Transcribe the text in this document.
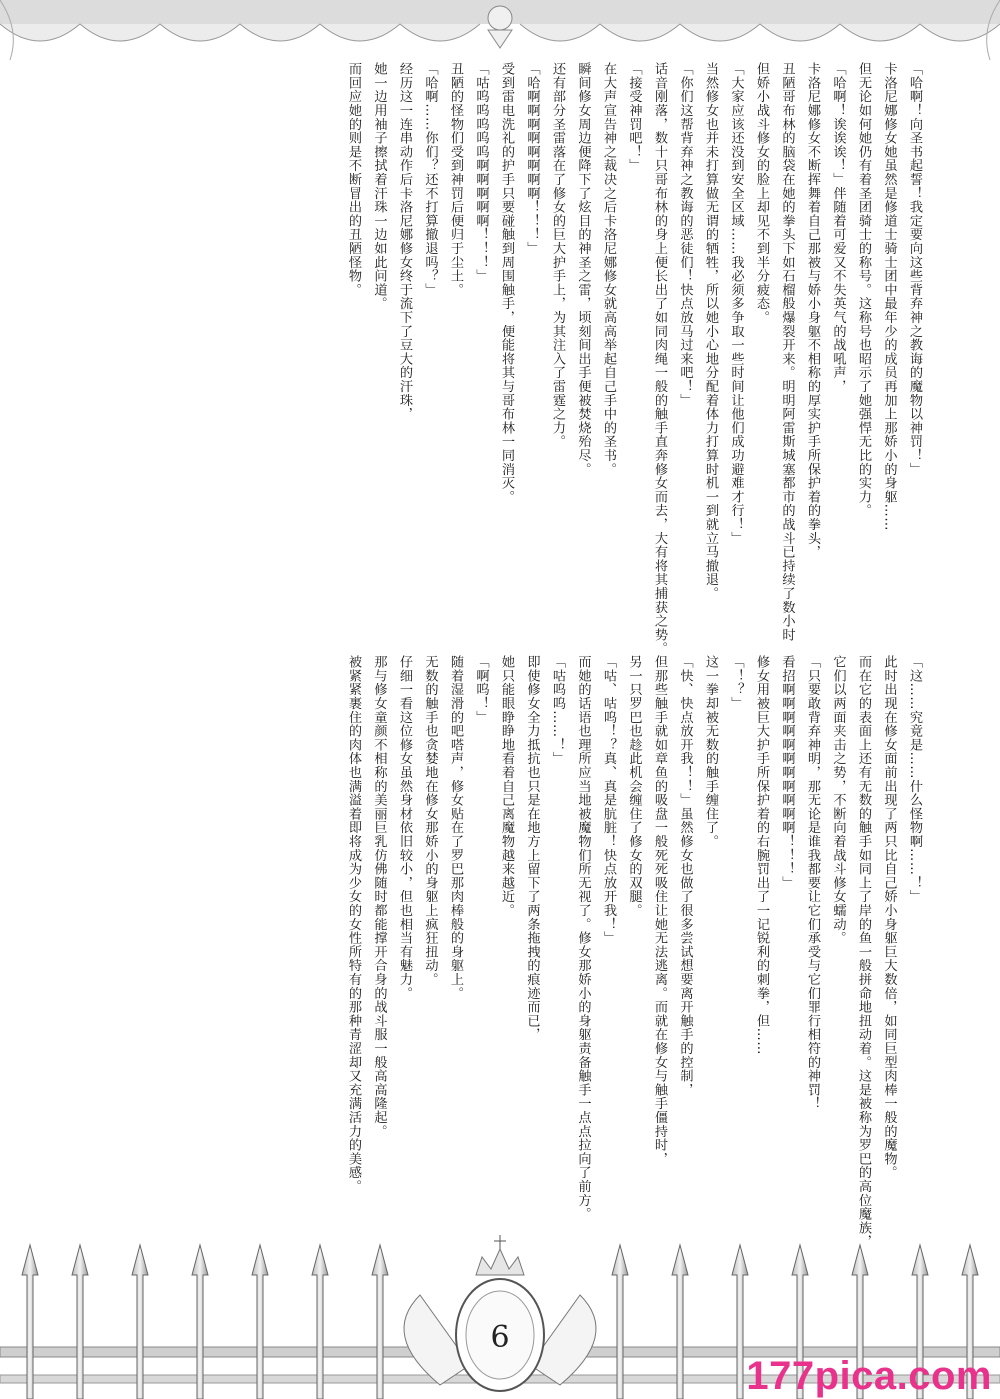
「哈啊！向圣书起誓！我定要向这些背弃神之教诲的魔物以神罚！」
卡洛尼娜修女她虽然是修道士骑士团中最年少的成员再加上那娇小的身躯……
但无论如何她仍有着圣团骑士的称号。这称号也昭示了她强悍无比的实力。
「哈啊！诶诶诶！」伴随着可爱又不失英气的战吼声，
卡洛尼娜修女不断挥舞着自己那被与娇小身躯不相称的厚实护手所保护着的拳头，
丑陋哥布林的脑袋在她的拳头下如石榴般爆裂开来。明明阿雷斯城塞都市的战斗已持续了数小时
但娇小战斗修女的脸上却见不到半分疲态。
「大家应该还没到安全区域……我必须多争取一些时间让他们成功避难才行！」
当然修女也并未打算做无谓的牺牲，所以她小心地分配着体力打算时机一到就立马撤退。
「你们这帮背弃神之教诲的恶徒们！快点放马过来吧！」
话音刚落，数十只哥布林的身上便长出了如同肉绳一般的触手直奔修女而去，大有将其捕获之势。
「接受神罚吧！」
在大声宣告神之裁决之后卡洛尼娜修女就高高举起自己手中的圣书。
瞬间修女周边便降下了炫目的神圣之雷，顷刻间出手便被焚烧殆尽。
还有部分圣雷落在了修女的巨大护手上，为其注入了雷霆之力。
「哈啊啊啊啊啊啊啊啊！！！」
受到雷电洗礼的护手只要碰触到周围触手，便能将其与哥布林一同消灭。
「咕呜呜呜呜呜啊啊啊啊啊！！！」
丑陋的怪物们受到神罚后便归于尘土。
「哈啊……你们？还不打算撤退吗？」
经历这一连串动作后卡洛尼娜修女终于流下了豆大的汗珠，
她一边用袖子擦拭着汗珠一边如此问道。
而回应她的则是不断冒出的丑陋怪物。
「这……究竟是……什么怪物啊……！」
此时出现在修女面前出现了两只比自己娇小身躯巨大数倍，如同巨型肉棒一般的魔物。
而在它的表面上还有无数的触手如同上了岸的鱼一般拼命地扭动着。这是被称为罗巴的高位魔族，
它们以两面夹击之势，不断向着战斗修女蠕动。
「只要敢背弃神明，那无论是谁我都要让它们承受与它们罪行相符的神罚！
看招啊啊啊啊啊啊啊啊啊啊啊！！！」
修女用被巨大护手所保护着的右腕罚出了一记锐利的刺拳，但……
「！？」
这一拳却被无数的触手缠住了。
「快、快点放开我！！」虽然修女也做了很多尝试想要离开触手的控制，
但那些触手就如章鱼的吸盘一般死死吸住让她无法逃离。而就在修女与触手僵持时，
另一只罗巴也趁此机会缠住了修女的双腿。
「咕、咕呜！？真、真是肮脏！快点放开我！」
而她的话语也理所应当地被魔物们所无视了。修女那娇小的身躯责备触手一点点拉向了前方。
「咕呜呜……！」
即使修女全力抵抗也只是在地方上留下了两条拖拽的痕迹而已，
她只能眼睁睁地看着自己离魔物越来越近。
「啊呜！」
随着湿滑的吧嗒声，修女贴在了罗巴那肉棒般的身躯上。
无数的触手也贪婪地在修女那娇小的身躯上疯狂扭动。
仔细一看这位修女虽然身材依旧较小，但也相当有魅力。
那与修女童颜不相称的美丽巨乳仿佛随时都能撑开合身的战斗服一般高高隆起。
被紧紧裹住的肉体也满溢着即将成为少女的女性所特有的那种青涩却又充满活力的美感。
6
177pica.com
